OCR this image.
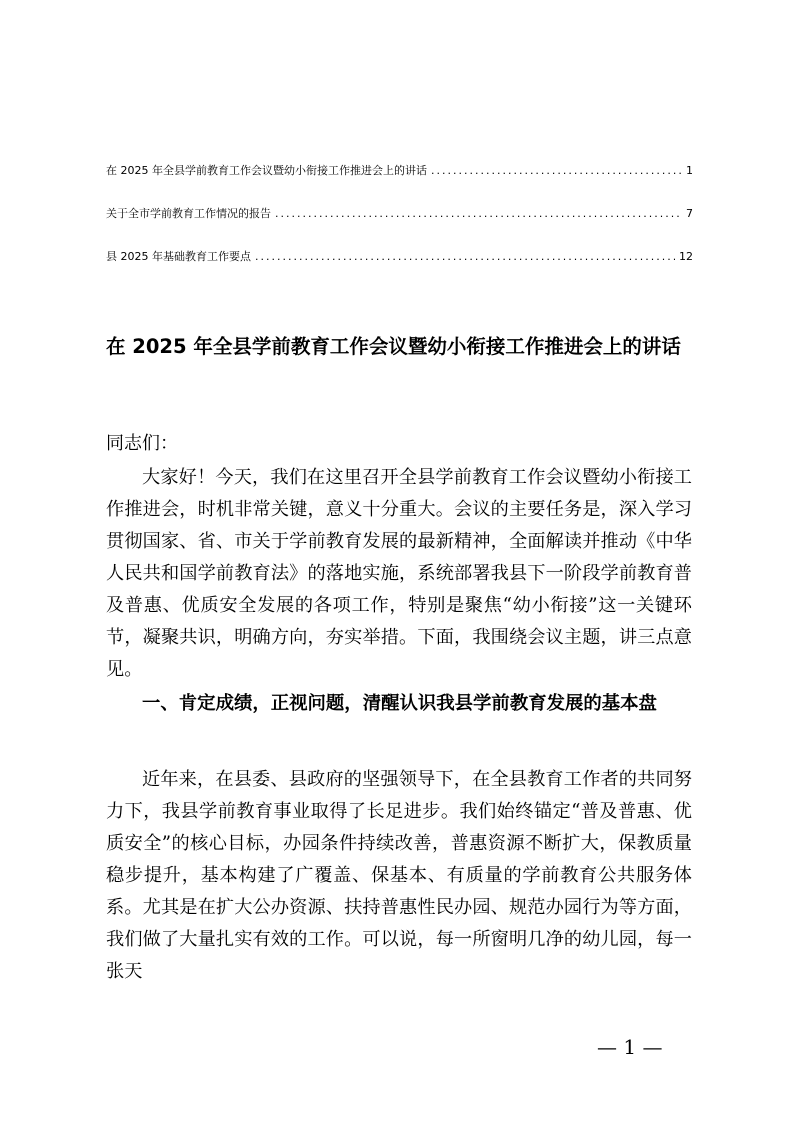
在 2025 年全县学前教育工作会议暨幼小衔接工作推进会上的讲话 .....	1
关于全市学前教育工作情况的报告 .....	7
县 2025 年基础教育工作要点 .....	12
在 2025 年全县学前教育工作会议暨幼小衔接工作推进会上的讲话
同志们：

大家好！今天，我们在这里召开全县学前教育工作会议暨幼小衔接工作推进会，时机非常关键，意义十分重大。会议的主要任务是，深入学习贯彻国家、省、市关于学前教育发展的最新精神，全面解读并推动《中华人民共和国学前教育法》的落地实施，系统部署我县下一阶段学前教育普及普惠、优质安全发展的各项工作，特别是聚焦“幼小衔接”这一关键环节，凝聚共识，明确方向，夯实举措。下面，我围绕会议主题，讲三点意见。

一、肯定成绩，正视问题，清醒认识我县学前教育发展的基本盘

近年来，在县委、县政府的坚强领导下，在全县教育工作者的共同努力下，我县学前教育事业取得了长足进步。我们始终锚定“普及普惠、优质安全”的核心目标，办园条件持续改善，普惠资源不断扩大，保教质量稳步提升，基本构建了广覆盖、保基本、有质量的学前教育公共服务体系。尤其是在扩大公办资源、扶持普惠性民办园、规范办园行为等方面，我们做了大量扎实有效的工作。可以说，每一所窗明几净的幼儿园，每一张天

— 1 —
